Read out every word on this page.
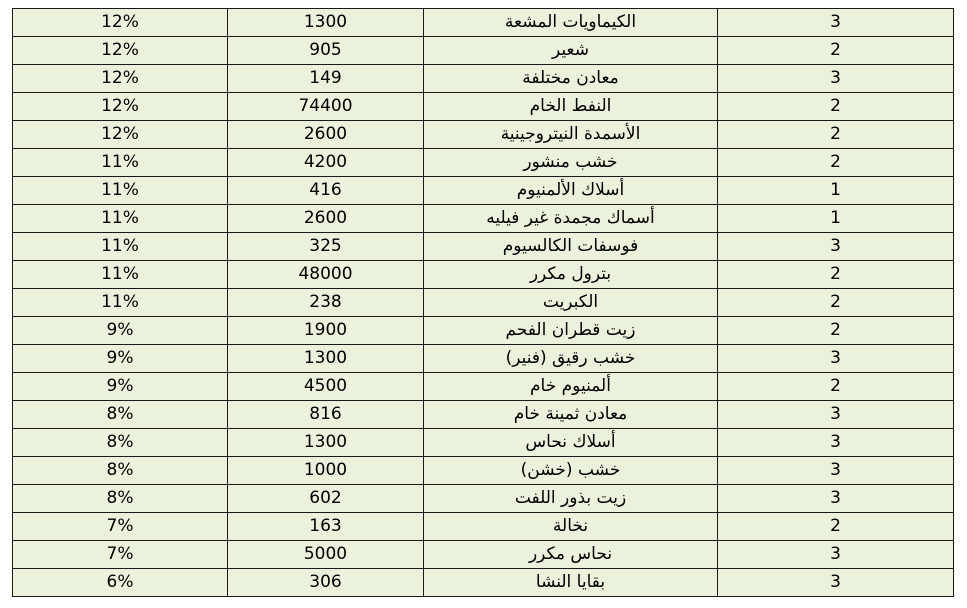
12%	1300	الكيماويات المشعة	3
12%	905	شعير	2
12%	149	معادن مختلفة	3
12%	74400	النفط الخام	2
12%	2600	الأسمدة النيتروجينية	2
11%	4200	خشب منشور	2
11%	416	أسلاك الألمنيوم	1
11%	2600	أسماك مجمدة غير فيليه	1
11%	325	فوسفات الكالسيوم	3
11%	48000	بترول مكرر	2
11%	238	الكبريت	2
9%	1900	زيت قطران الفحم	2
9%	1300	خشب رقيق (فنير)	3
9%	4500	ألمنيوم خام	2
8%	816	معادن ثمينة خام	3
8%	1300	أسلاك نحاس	3
8%	1000	خشب (خشن)	3
8%	602	زيت بذور اللفت	3
7%	163	نخالة	2
7%	5000	نحاس مكرر	3
6%	306	بقايا النشا	3
